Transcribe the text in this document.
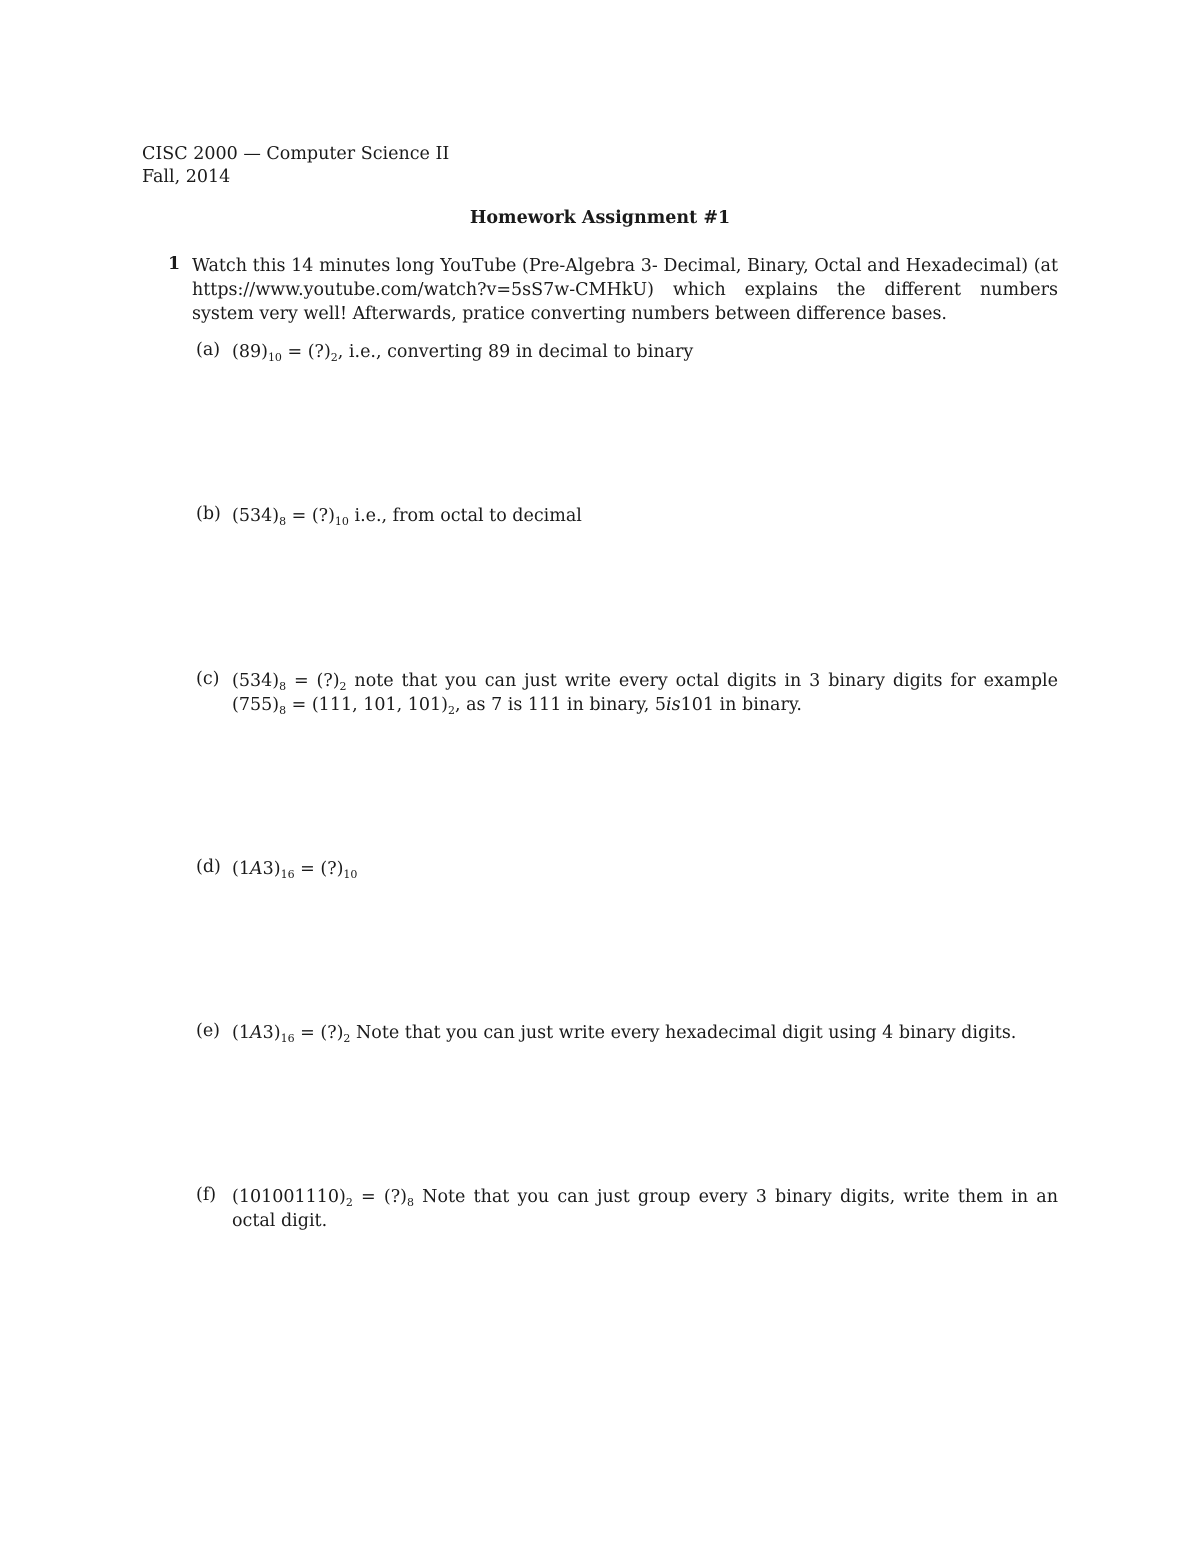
CISC 2000 — Computer Science II
Fall, 2014
Homework Assignment #1
1 Watch this 14 minutes long YouTube (Pre-Algebra 3- Decimal, Binary, Octal and Hexadecimal) (at https://www.youtube.com/watch?v=5sS7w-CMHkU) which explains the different numbers system very well! Afterwards, pratice converting numbers between difference bases.
(a) $(89)_{10}$ = $(?)_2$, i.e., converting 89 in decimal to binary
(b) $(534)_8$ = $(?)_{10}$ i.e., from octal to decimal
(c) $(534)_8$ = $(?)_2$ note that you can just write every octal digits in 3 binary digits for example $(755)_8 = (111$, 101, $101)_2$, as 7 is 111 in binary, 5is101 in binary.
(d) $(1A3)_{16}$ = $(?)_{10}$
(e) $(1A3)_{16}$ = $(?)_2$ Note that you can just write every hexadecimal digit using 4 binary digits.
(f) $(101001110)_2$ = $(?)_8$ Note that you can just group every 3 binary digits, write them in an octal digit.
